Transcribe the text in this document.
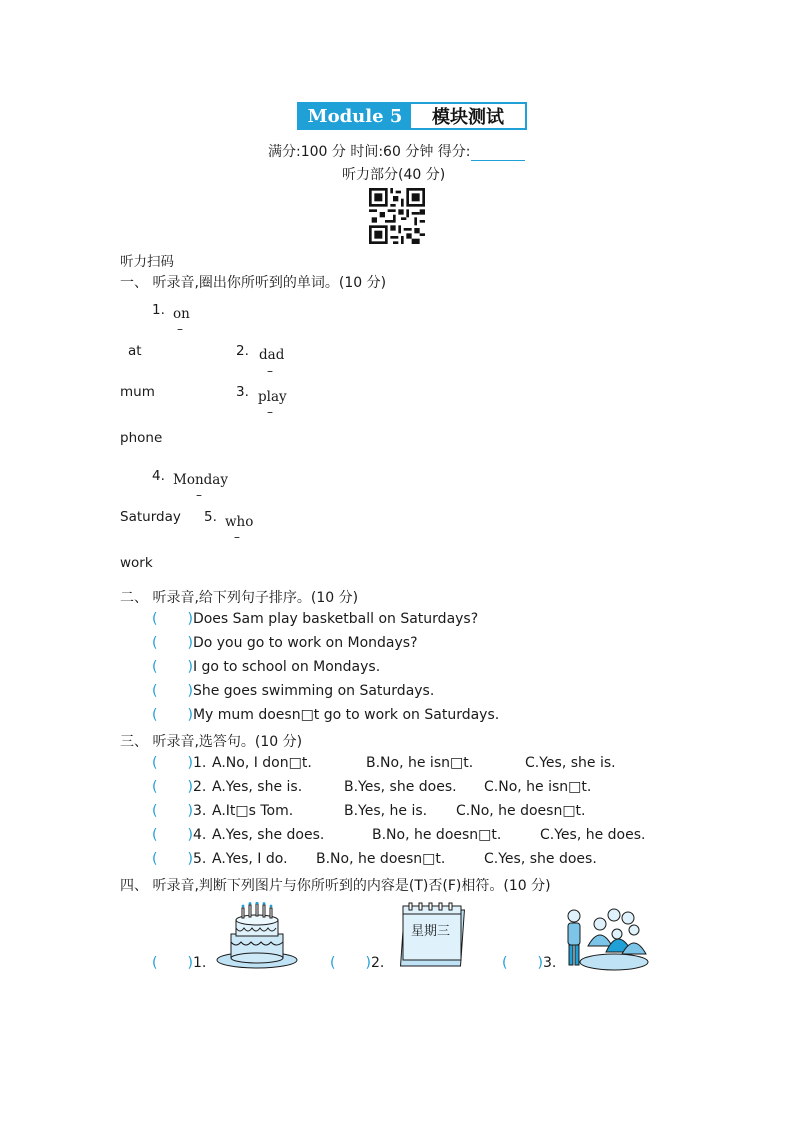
Module 5	模块测试
满分:100 分 时间:60 分钟 得分:
听力部分(40 分)
听力扫码
一、 听录音,圈出你所听到的单词。(10 分)
1. on
–
at	2. dad
–
mum	3. play
–
phone
4. Monday
–
Saturday 5. who
–
work
二、 听录音,给下列句子排序。(10 分)
( )Does Sam play basketball on Saturdays?
( )Do you go to work on Mondays?
( )I go to school on Mondays.
( )She goes swimming on Saturdays.
( )My mum doesn□t go to work on Saturdays.
三、 听录音,选答句。(10 分)
( )1. A.No, I don□t.	B.No, he isn□t.	C.Yes, she is.
( )2. A.Yes, she is.	B.Yes, she does. C.No, he isn□t.
( )3. A.It□s Tom.	B.Yes, he is. C.No, he doesn□t.
( )4. A.Yes, she does.	B.No, he doesn□t.	C.Yes, he does.
( )5. A.Yes, I do. B.No, he doesn□t.	C.Yes, she does.
四、 听录音,判断下列图片与你所听到的内容是(T)否(F)相符。(10 分)
( )1.	( )2.
星期三
( )3.
